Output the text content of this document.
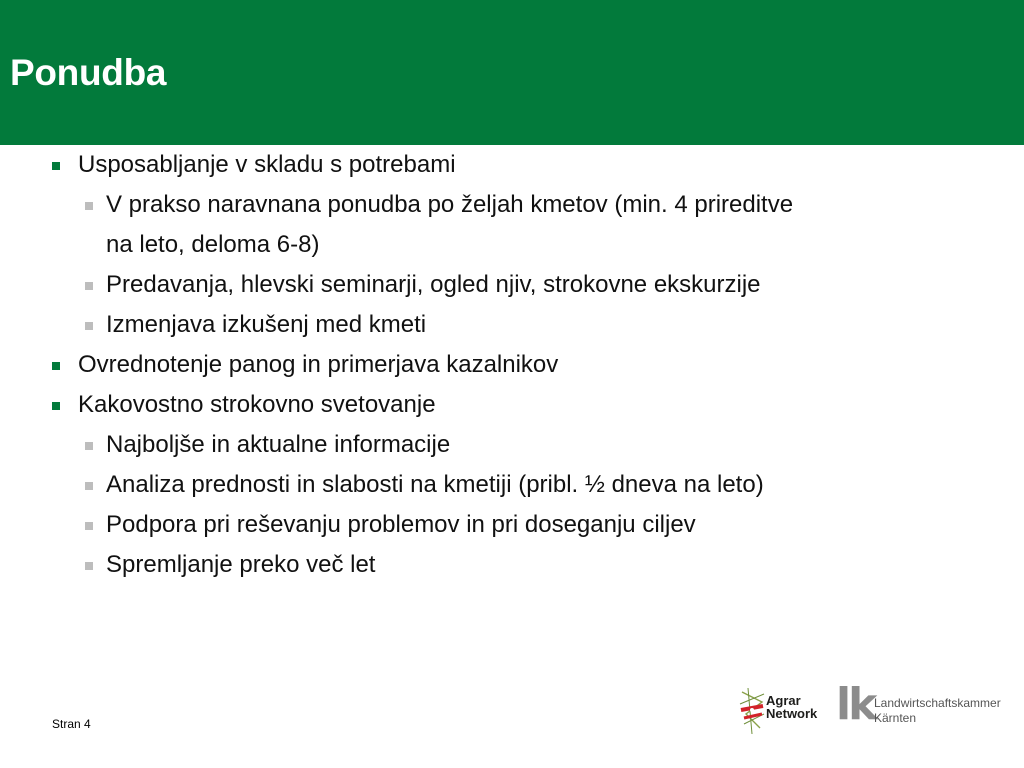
Ponudba
Usposabljanje v skladu s potrebami
V prakso naravnana ponudba po željah kmetov (min. 4 prireditve
na leto, deloma 6-8)
Predavanja, hlevski seminarji, ogled njiv, strokovne ekskurzije
Izmenjava izkušenj med kmeti
Ovrednotenje panog in primerjava kazalnikov
Kakovostno strokovno svetovanje
Najboljše in aktualne informacije
Analiza prednosti in slabosti na kmetiji (pribl. ½ dneva na leto)
Podpora pri reševanju problemov in pri doseganju ciljev
Spremljanje preko več let
Stran 4
Agrar
Network lk Landwirtschaftskammer
Kärnten
